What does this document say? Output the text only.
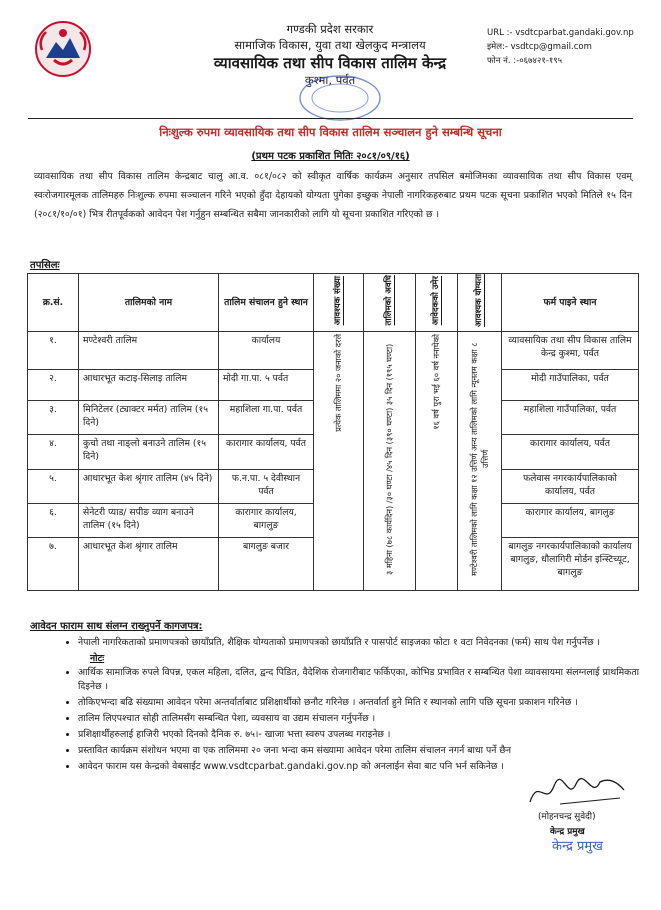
गण्डकी प्रदेश सरकार
सामाजिक विकास, युवा तथा खेलकुद मन्त्रालय
व्यावसायिक तथा सीप विकास तालिम केन्द्र
कुश्मा, पर्वत
URL :- vsdtcparbat.gandaki.gov.np
इमेल:- vsdtcp@gmail.com
फोन नं. :-०६७४२१-१९५
निःशुल्क रुपमा व्यावसायिक तथा सीप विकास तालिम सञ्चालन हुने सम्बन्धि सूचना
(प्रथम पटक प्रकाशित मितिः २०८१/०९/१६)
व्यावसायिक तथा सीप विकास तालिम केन्द्रबाट चालु आ.व. ०८१/०८२ को स्वीकृत वार्षिक कार्यक्रम अनुसार तपसिल बमोजिमका व्यावसायिक तथा सीप विकास एवम् स्वःरोजगारमूलक तालिमहरु निःशुल्क रुपमा सञ्चालन गरिने भएको हुँदा देहायको योग्यता पुगेका इच्छुक नेपाली नागरिकहरुबाट प्रथम पटक सूचना प्रकाशित भएको मितिले १५ दिन (२०८१/१०/०१) भित्र रीतपूर्वकको आवेदन पेश गर्नुहुन सम्बन्धित सबैमा जानकारीको लागि यो सूचना प्रकाशित गरिएको छ ।
तपसिलः
क्र.सं.	तालिमको नाम	तालिम संचालन हुने स्थान	आवश्यक संख्या	तालिमको अवधि	आवेदकको उमेर	आवश्यक योग्यता	फर्म पाइने स्थान
१.	मण्टेश्वरी तालिम	कार्यालय	प्रत्येक तालिममा २० जनाको दरले	३ महिना (७८ कार्यदिन) /३० घण्टा /४५ दिन (३९० घण्टा) ३५ दिन (१९५ घण्टा)	१६ वर्ष पुरा भई ६० वर्ष ननाघेको	मण्टेश्वरी तालिमको लागि कक्षा १२ उत्तिर्ण अन्य तालिमको लागि न्यूनतम कक्षा ८ उत्तिर्ण	व्यावसायिक तथा सीप विकास तालिम केन्द्र कुश्मा, पर्वत
२.	आधारभूत कटाइ-सिलाइ तालिम	मोदी गा.पा. ५ पर्वत					मोदी गाउँपालिका, पर्वत
३.	मिनिटेलर (ट्याक्टर मर्मत) तालिम (१५ दिने)	महाशिला गा.पा. पर्वत					महाशिला गाउँपालिका, पर्वत
४.	कुचो तथा नाङ्लो बनाउने तालिम (१५ दिने)	कारागार कार्यालय, पर्वत					कारागार कार्यालय, पर्वत
५.	आधारभूत केश श्रृंगार तालिम (४५ दिने)	फ.न.पा. ५ देवीस्थान पर्वत					फलेवास नगरकार्यपालिकाको कार्यालय, पर्वत
६.	सेनेटरी प्याड/ सपीङ व्याग बनाउने तालिम (१५ दिने)	कारागार कार्यालय, बागलुङ					कारागार कार्यालय, बागलुङ
७.	आधारभूत केश श्रृंगार तालिम	बागलुङ बजार					बागलुङ नगरकार्यपालिकाको कार्यालय बागलुङ, धौलागिरी मोर्डन इन्स्टिच्यूट, बागलुङ
आवेदन फाराम साथ संलग्न राख्नुपर्ने कागजपत्र:
• नेपाली नागरिकताको प्रमाणपत्रको छायाँप्रति, शैक्षिक योग्यताको प्रमाणपत्रको छायाँप्रति र पासपोर्ट साइजका फोटा १ वटा निवेदनका (फर्म) साथ पेश गर्नुपर्नेछ ।
नोटः
• आर्थिक सामाजिक रुपले विपन्न, एकल महिला, दलित, द्वन्द पिडित, वैदेशिक रोजगारीबाट फर्किएका, कोभिड प्रभावित र सम्बन्धित पेशा व्यावसायमा संलग्नलाई प्राथमिकता दिइनेछ ।
• तोकिएभन्दा बढि संख्यामा आवेदन परेमा अन्तर्वार्ताबाट प्रशिक्षार्थीको छनौट गरिनेछ । अन्तर्वार्ता हुने मिति र स्थानको लागि पछि सूचना प्रकाशन गरिनेछ ।
• तालिम लिएपश्चात सोही तालिमसँग सम्बन्धित पेशा, व्यवसाय वा उद्यम संचालन गर्नुपर्नेछ ।
• प्रशिक्षार्थीहरुलाई हाजिरी भएको दिनको दैनिक रु. ७५।- खाजा भत्ता स्वरुप उपलब्ध गराइनेछ ।
• प्रस्तावित कार्यक्रम संशोधन भएमा वा एक तालिममा २० जना भन्दा कम संख्यामा आवेदन परेमा तालिम संचालन नगर्न बाधा पर्ने छैन
• आवेदन फाराम यस केन्द्रको वेबसाईट www.vsdtcparbat.gandaki.gov.np को अनलाईन सेवा बाट पनि भर्न सकिनेछ ।
(मोहनचन्द्र सुवेदी)
केन्द्र प्रमुख
केन्द्र प्रमुख
